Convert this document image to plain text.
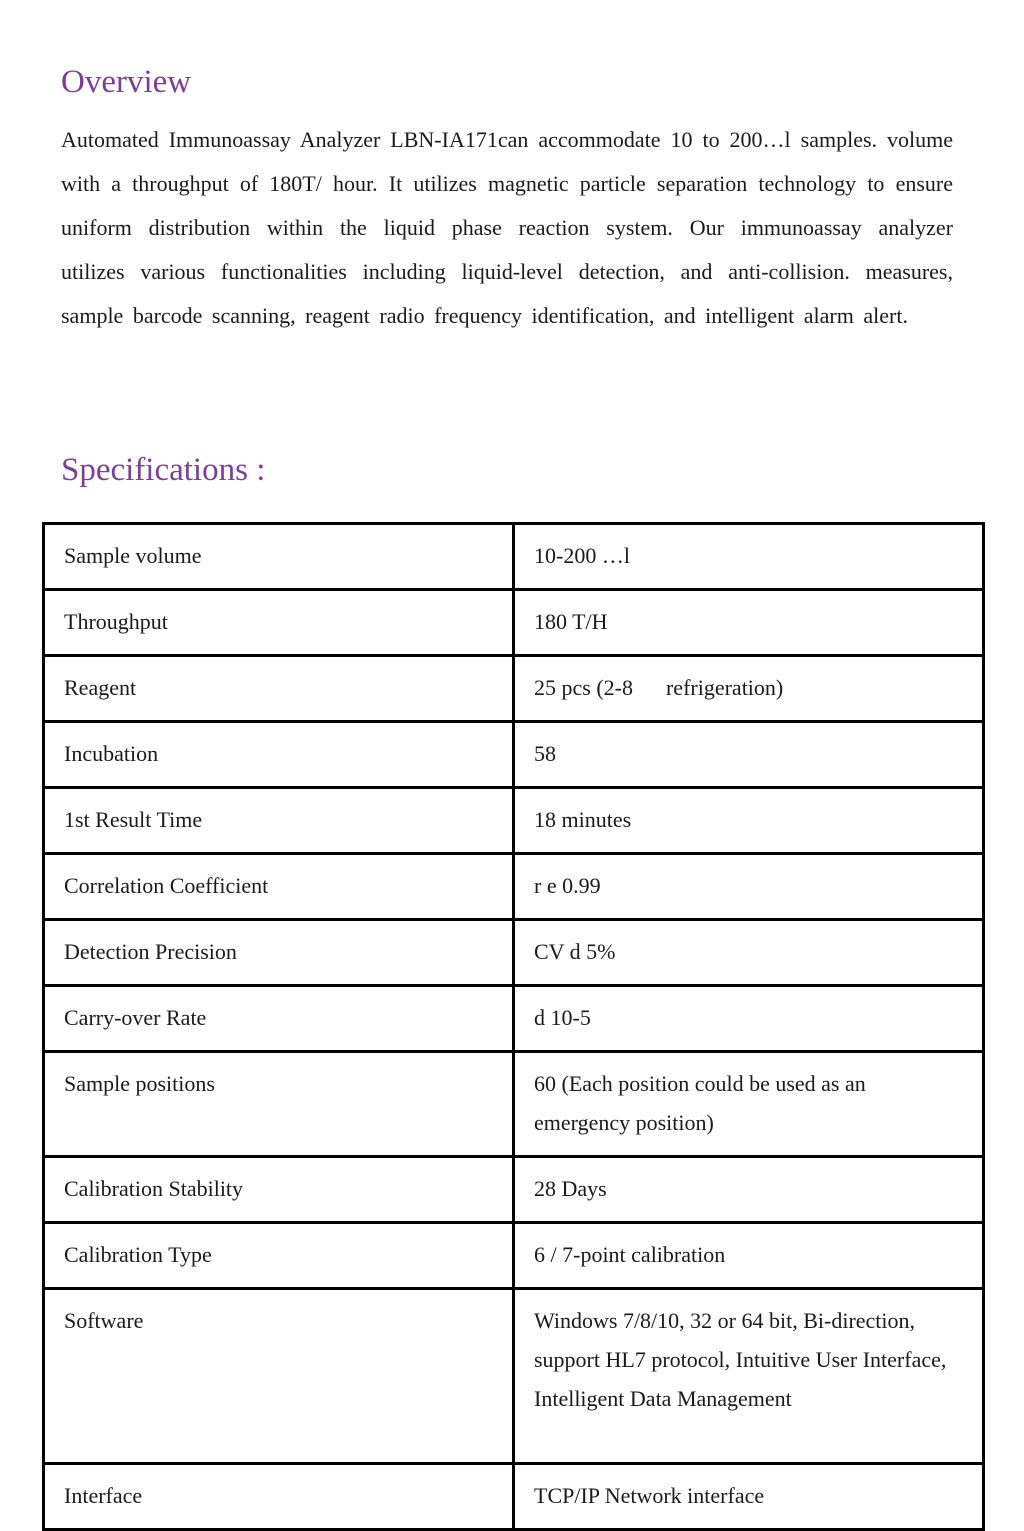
Overview

Automated Immunoassay Analyzer LBN-IA171can accommodate 10 to 200…l samples. volume with a throughput of 180T/ hour. It utilizes magnetic particle separation technology to ensure uniform distribution within the liquid phase reaction system. Our immunoassay analyzer utilizes various functionalities including liquid-level detection, and anti-collision. measures, sample barcode scanning, reagent radio frequency identification, and intelligent alarm alert.

Specifications :
Sample volume	10-200 …l
Throughput	180 T/H
Reagent	25 pcs (2-8      refrigeration)
Incubation	58
1st Result Time	18 minutes
Correlation Coefficient	r e 0.99
Detection Precision	CV d 5%
Carry-over Rate	d 10-5
Sample positions	60 (Each position could be used as an emergency position)
Calibration Stability	28 Days
Calibration Type	6 / 7-point calibration
Software	Windows 7/8/10, 32 or 64 bit, Bi-direction, support HL7 protocol, Intuitive User Interface, Intelligent Data Management
Interface	TCP/IP Network interface
